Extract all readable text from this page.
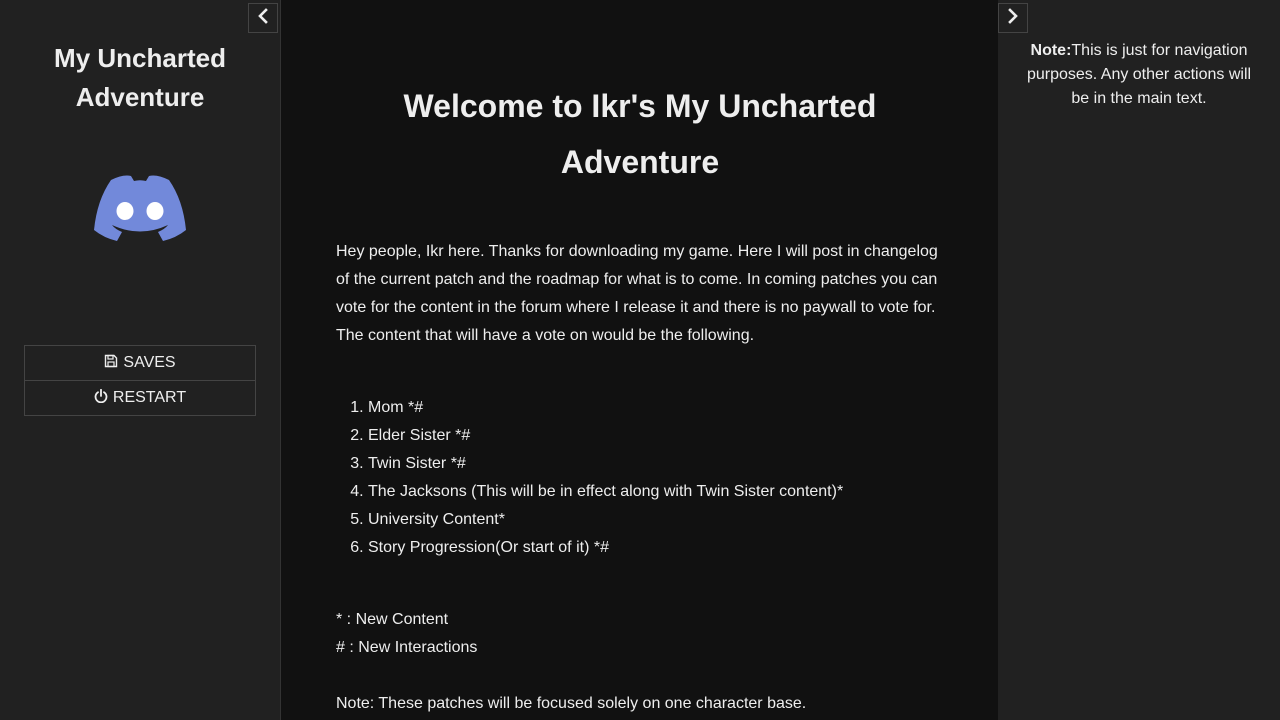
My Uncharted Adventure
SAVES
RESTART
Welcome to Ikr's My Uncharted Adventure

Hey people, Ikr here. Thanks for downloading my game. Here I will post in changelog of the current patch and the roadmap for what is to come. In coming patches you can vote for the content in the forum where I release it and there is no paywall to vote for. The content that will have a vote on would be the following.

1. Mom *#
2. Elder Sister *#
3. Twin Sister *#
4. The Jacksons (This will be in effect along with Twin Sister content)*
5. University Content*
6. Story Progression(Or start of it) *#
* : New Content
# : New Interactions

Note: These patches will be focused solely on one character base.

Note:This is just for navigation purposes. Any other actions will be in the main text.
